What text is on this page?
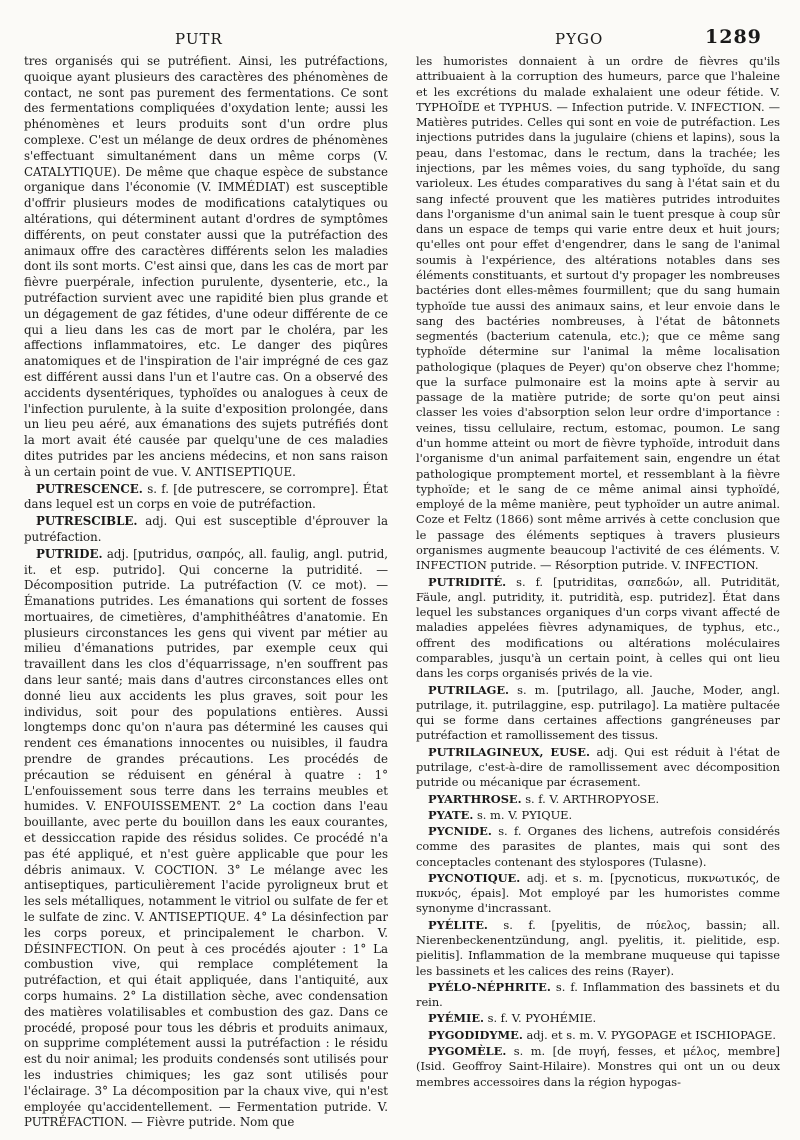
PUTR	PYGO	1289

tres organisés qui se putréfient. Ainsi, les putréfactions, quoique ayant plusieurs des caractères des phénomènes de contact, ne sont pas purement des fermentations. Ce sont des fermentations compliquées d'oxydation lente; aussi les phénomènes et leurs produits sont d'un ordre plus complexe. C'est un mélange de deux ordres de phénomènes s'effectuant simultanément dans un même corps (V. CATALYTIQUE). De même que chaque espèce de substance organique dans l'économie (V. IMMÉDIAT) est susceptible d'offrir plusieurs modes de modifications catalytiques ou altérations, qui déterminent autant d'ordres de symptômes différents, on peut constater aussi que la putréfaction des animaux offre des caractères différents selon les maladies dont ils sont morts. C'est ainsi que, dans les cas de mort par fièvre puerpérale, infection purulente, dysenterie, etc., la putréfaction survient avec une rapidité bien plus grande et un dégagement de gaz fétides, d'une odeur différente de ce qui a lieu dans les cas de mort par le choléra, par les affections inflammatoires, etc. Le danger des piqûres anatomiques et de l'inspiration de l'air imprégné de ces gaz est différent aussi dans l'un et l'autre cas. On a observé des accidents dysentériques, typhoïdes ou analogues à ceux de l'infection purulente, à la suite d'exposition prolongée, dans un lieu peu aéré, aux émanations des sujets putréfiés dont la mort avait été causée par quelqu'une de ces maladies dites putrides par les anciens médecins, et non sans raison à un certain point de vue. V. ANTISEPTIQUE.

PUTRESCENCE. s. f. [de putrescere, se corrompre]. État dans lequel est un corps en voie de putréfaction.

PUTRESCIBLE. adj. Qui est susceptible d'éprouver la putréfaction.

PUTRIDE. adj. [putridus, σαπρός, all. faulig, angl. putrid, it. et esp. putrido]. Qui concerne la putridité. — Décomposition putride. La putréfaction (V. ce mot). — Émanations putrides. Les émanations qui sortent de fosses mortuaires, de cimetières, d'amphithéâtres d'anatomie. En plusieurs circonstances les gens qui vivent par métier au milieu d'émanations putrides, par exemple ceux qui travaillent dans les clos d'équarrissage, n'en souffrent pas dans leur santé; mais dans d'autres circonstances elles ont donné lieu aux accidents les plus graves, soit pour les individus, soit pour des populations entières. Aussi longtemps donc qu'on n'aura pas déterminé les causes qui rendent ces émanations innocentes ou nuisibles, il faudra prendre de grandes précautions. Les procédés de précaution se réduisent en général à quatre : 1° L'enfouissement sous terre dans les terrains meubles et humides. V. ENFOUISSEMENT. 2° La coction dans l'eau bouillante, avec perte du bouillon dans les eaux courantes, et dessiccation rapide des résidus solides. Ce procédé n'a pas été appliqué, et n'est guère applicable que pour les débris animaux. V. COCTION. 3° Le mélange avec les antiseptiques, particulièrement l'acide pyroligneux brut et les sels métalliques, notamment le vitriol ou sulfate de fer et le sulfate de zinc. V. ANTISEPTIQUE. 4° La désinfection par les corps poreux, et principalement le charbon. V. DÉSINFECTION. On peut à ces procédés ajouter : 1° La combustion vive, qui remplace complétement la putréfaction, et qui était appliquée, dans l'antiquité, aux corps humains. 2° La distillation sèche, avec condensation des matières volatilisables et combustion des gaz. Dans ce procédé, proposé pour tous les débris et produits animaux, on supprime complétement aussi la putréfaction : le résidu est du noir animal; les produits condensés sont utilisés pour les industries chimiques; les gaz sont utilisés pour l'éclairage. 3° La décomposition par la chaux vive, qui n'est employée qu'accidentellement. — Fermentation putride. V. PUTRÉFACTION. — Fièvre putride. Nom que

les humoristes donnaient à un ordre de fièvres qu'ils attribuaient à la corruption des humeurs, parce que l'haleine et les excrétions du malade exhalaient une odeur fétide. V. TYPHOÏDE et TYPHUS. — Infection putride. V. INFECTION. — Matières putrides. Celles qui sont en voie de putréfaction. Les injections putrides dans la jugulaire (chiens et lapins), sous la peau, dans l'estomac, dans le rectum, dans la trachée; les injections, par les mêmes voies, du sang typhoïde, du sang varioleux. Les études comparatives du sang à l'état sain et du sang infecté prouvent que les matières putrides introduites dans l'organisme d'un animal sain le tuent presque à coup sûr dans un espace de temps qui varie entre deux et huit jours; qu'elles ont pour effet d'engendrer, dans le sang de l'animal soumis à l'expérience, des altérations notables dans ses éléments constituants, et surtout d'y propager les nombreuses bactéries dont elles-mêmes fourmillent; que du sang humain typhoïde tue aussi des animaux sains, et leur envoie dans le sang des bactéries nombreuses, à l'état de bâtonnets segmentés (bacterium catenula, etc.); que ce même sang typhoïde détermine sur l'animal la même localisation pathologique (plaques de Peyer) qu'on observe chez l'homme; que la surface pulmonaire est la moins apte à servir au passage de la matière putride; de sorte qu'on peut ainsi classer les voies d'absorption selon leur ordre d'importance : veines, tissu cellulaire, rectum, estomac, poumon. Le sang d'un homme atteint ou mort de fièvre typhoïde, introduit dans l'organisme d'un animal parfaitement sain, engendre un état pathologique promptement mortel, et ressemblant à la fièvre typhoïde; et le sang de ce même animal ainsi typhoïdé, employé de la même manière, peut typhoïder un autre animal. Coze et Feltz (1866) sont même arrivés à cette conclusion que le passage des éléments septiques à travers plusieurs organismes augmente beaucoup l'activité de ces éléments. V. INFECTION putride. — Résorption putride. V. INFECTION.

PUTRIDITÉ. s. f. [putriditas, σαπεδών, all. Putridität, Fäule, angl. putridity, it. putridità, esp. putridez]. État dans lequel les substances organiques d'un corps vivant affecté de maladies appelées fièvres adynamiques, de typhus, etc., offrent des modifications ou altérations moléculaires comparables, jusqu'à un certain point, à celles qui ont lieu dans les corps organisés privés de la vie.

PUTRILAGE. s. m. [putrilago, all. Jauche, Moder, angl. putrilage, it. putrilaggine, esp. putrilago]. La matière pultacée qui se forme dans certaines affections gangréneuses par putréfaction et ramollissement des tissus.

PUTRILAGINEUX, EUSE. adj. Qui est réduit à l'état de putrilage, c'est-à-dire de ramollissement avec décomposition putride ou mécanique par écrasement.

PYARTHROSE. s. f. V. ARTHROPYOSE.

PYATE. s. m. V. PYIQUE.

PYCNIDE. s. f. Organes des lichens, autrefois considérés comme des parasites de plantes, mais qui sont des conceptacles contenant des stylospores (Tulasne).

PYCNOTIQUE. adj. et s. m. [pycnoticus, πυκνωτικός, de πυκνός, épais]. Mot employé par les humoristes comme synonyme d'incrassant.

PYÉLITE. s. f. [pyelitis, de πύελος, bassin; all. Nierenbeckenentzündung, angl. pyelitis, it. pielitide, esp. pielitis]. Inflammation de la membrane muqueuse qui tapisse les bassinets et les calices des reins (Rayer).

PYÉLO-NÉPHRITE. s. f. Inflammation des bassinets et du rein.

PYÉMIE. s. f. V. PYOHÉMIE.

PYGODIDYME. adj. et s. m. V. PYGOPAGE et ISCHIOPAGE.

PYGOMÈLE. s. m. [de πυγή, fesses, et μέλος, membre] (Isid. Geoffroy Saint-Hilaire). Monstres qui ont un ou deux membres accessoires dans la région hypogas-
